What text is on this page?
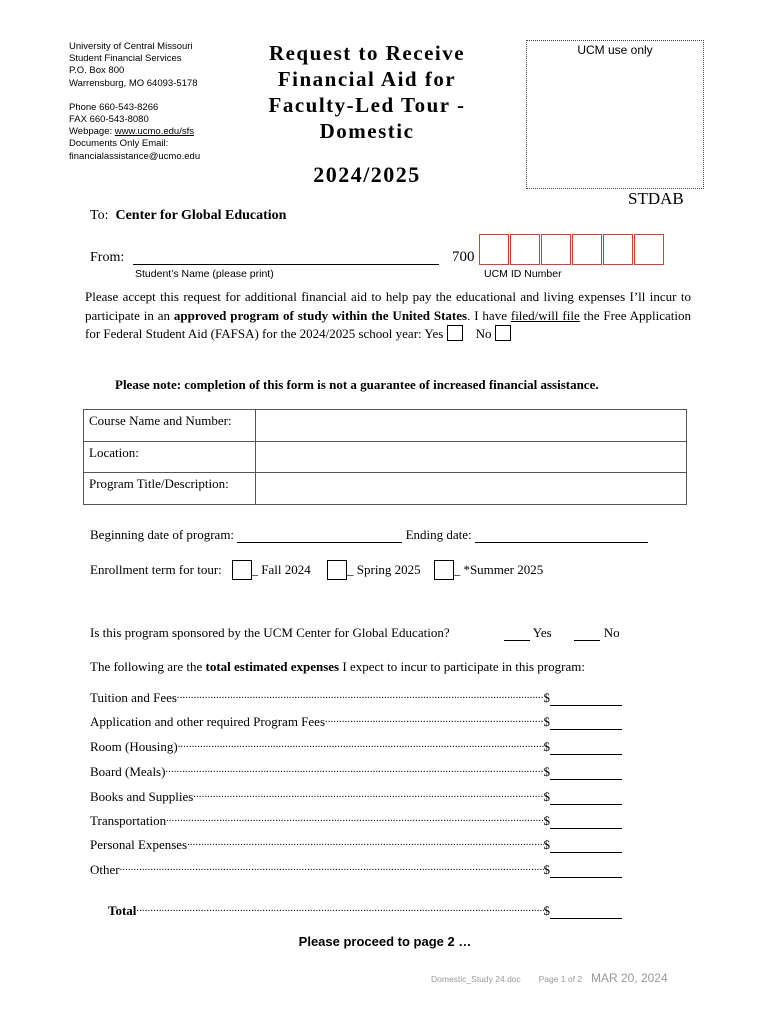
University of Central Missouri
Student Financial Services
P.O. Box 800
Warrensburg, MO 64093-5178
Phone 660-543-8266
FAX 660-543-8080
Webpage: www.ucmo.edu/sfs
Documents Only Email:
financialassistance@ucmo.edu
Request to Receive
Financial Aid for
Faculty-Led Tour -
Domestic
2024/2025
UCM use only
STDAB
To: Center for Global Education
From:
Student’s Name (please print)
700
UCM ID Number
Please accept this request for additional financial aid to help pay the educational and living expenses I’ll incur to participate in an approved program of study within the United States. I have filed/will file the Free Application for Federal Student Aid (FAFSA) for the 2024/2025 school year: Yes     No
Please note: completion of this form is not a guarantee of increased financial assistance.
Course Name and Number:	
Location:	
Program Title/Description:	
Beginning date of program:	Ending date:
Enrollment term for tour: _ Fall 2024	_ Spring 2025	_ *Summer 2025
Is this program sponsored by the UCM Center for Global Education?	Yes	No
The following are the total estimated expenses I expect to incur to participate in this program:
Tuition and Fees .....	$
Application and other required Program Fees .....	$
Room (Housing) .....	$
Board (Meals) .....	$
Books and Supplies .....	$
Transportation .....	$
Personal Expenses .....	$
Other .....	$
Total .....	$
Please proceed to page 2 …
Domestic_Study 24.doc Page 1 of 2 MAR 20, 2024
